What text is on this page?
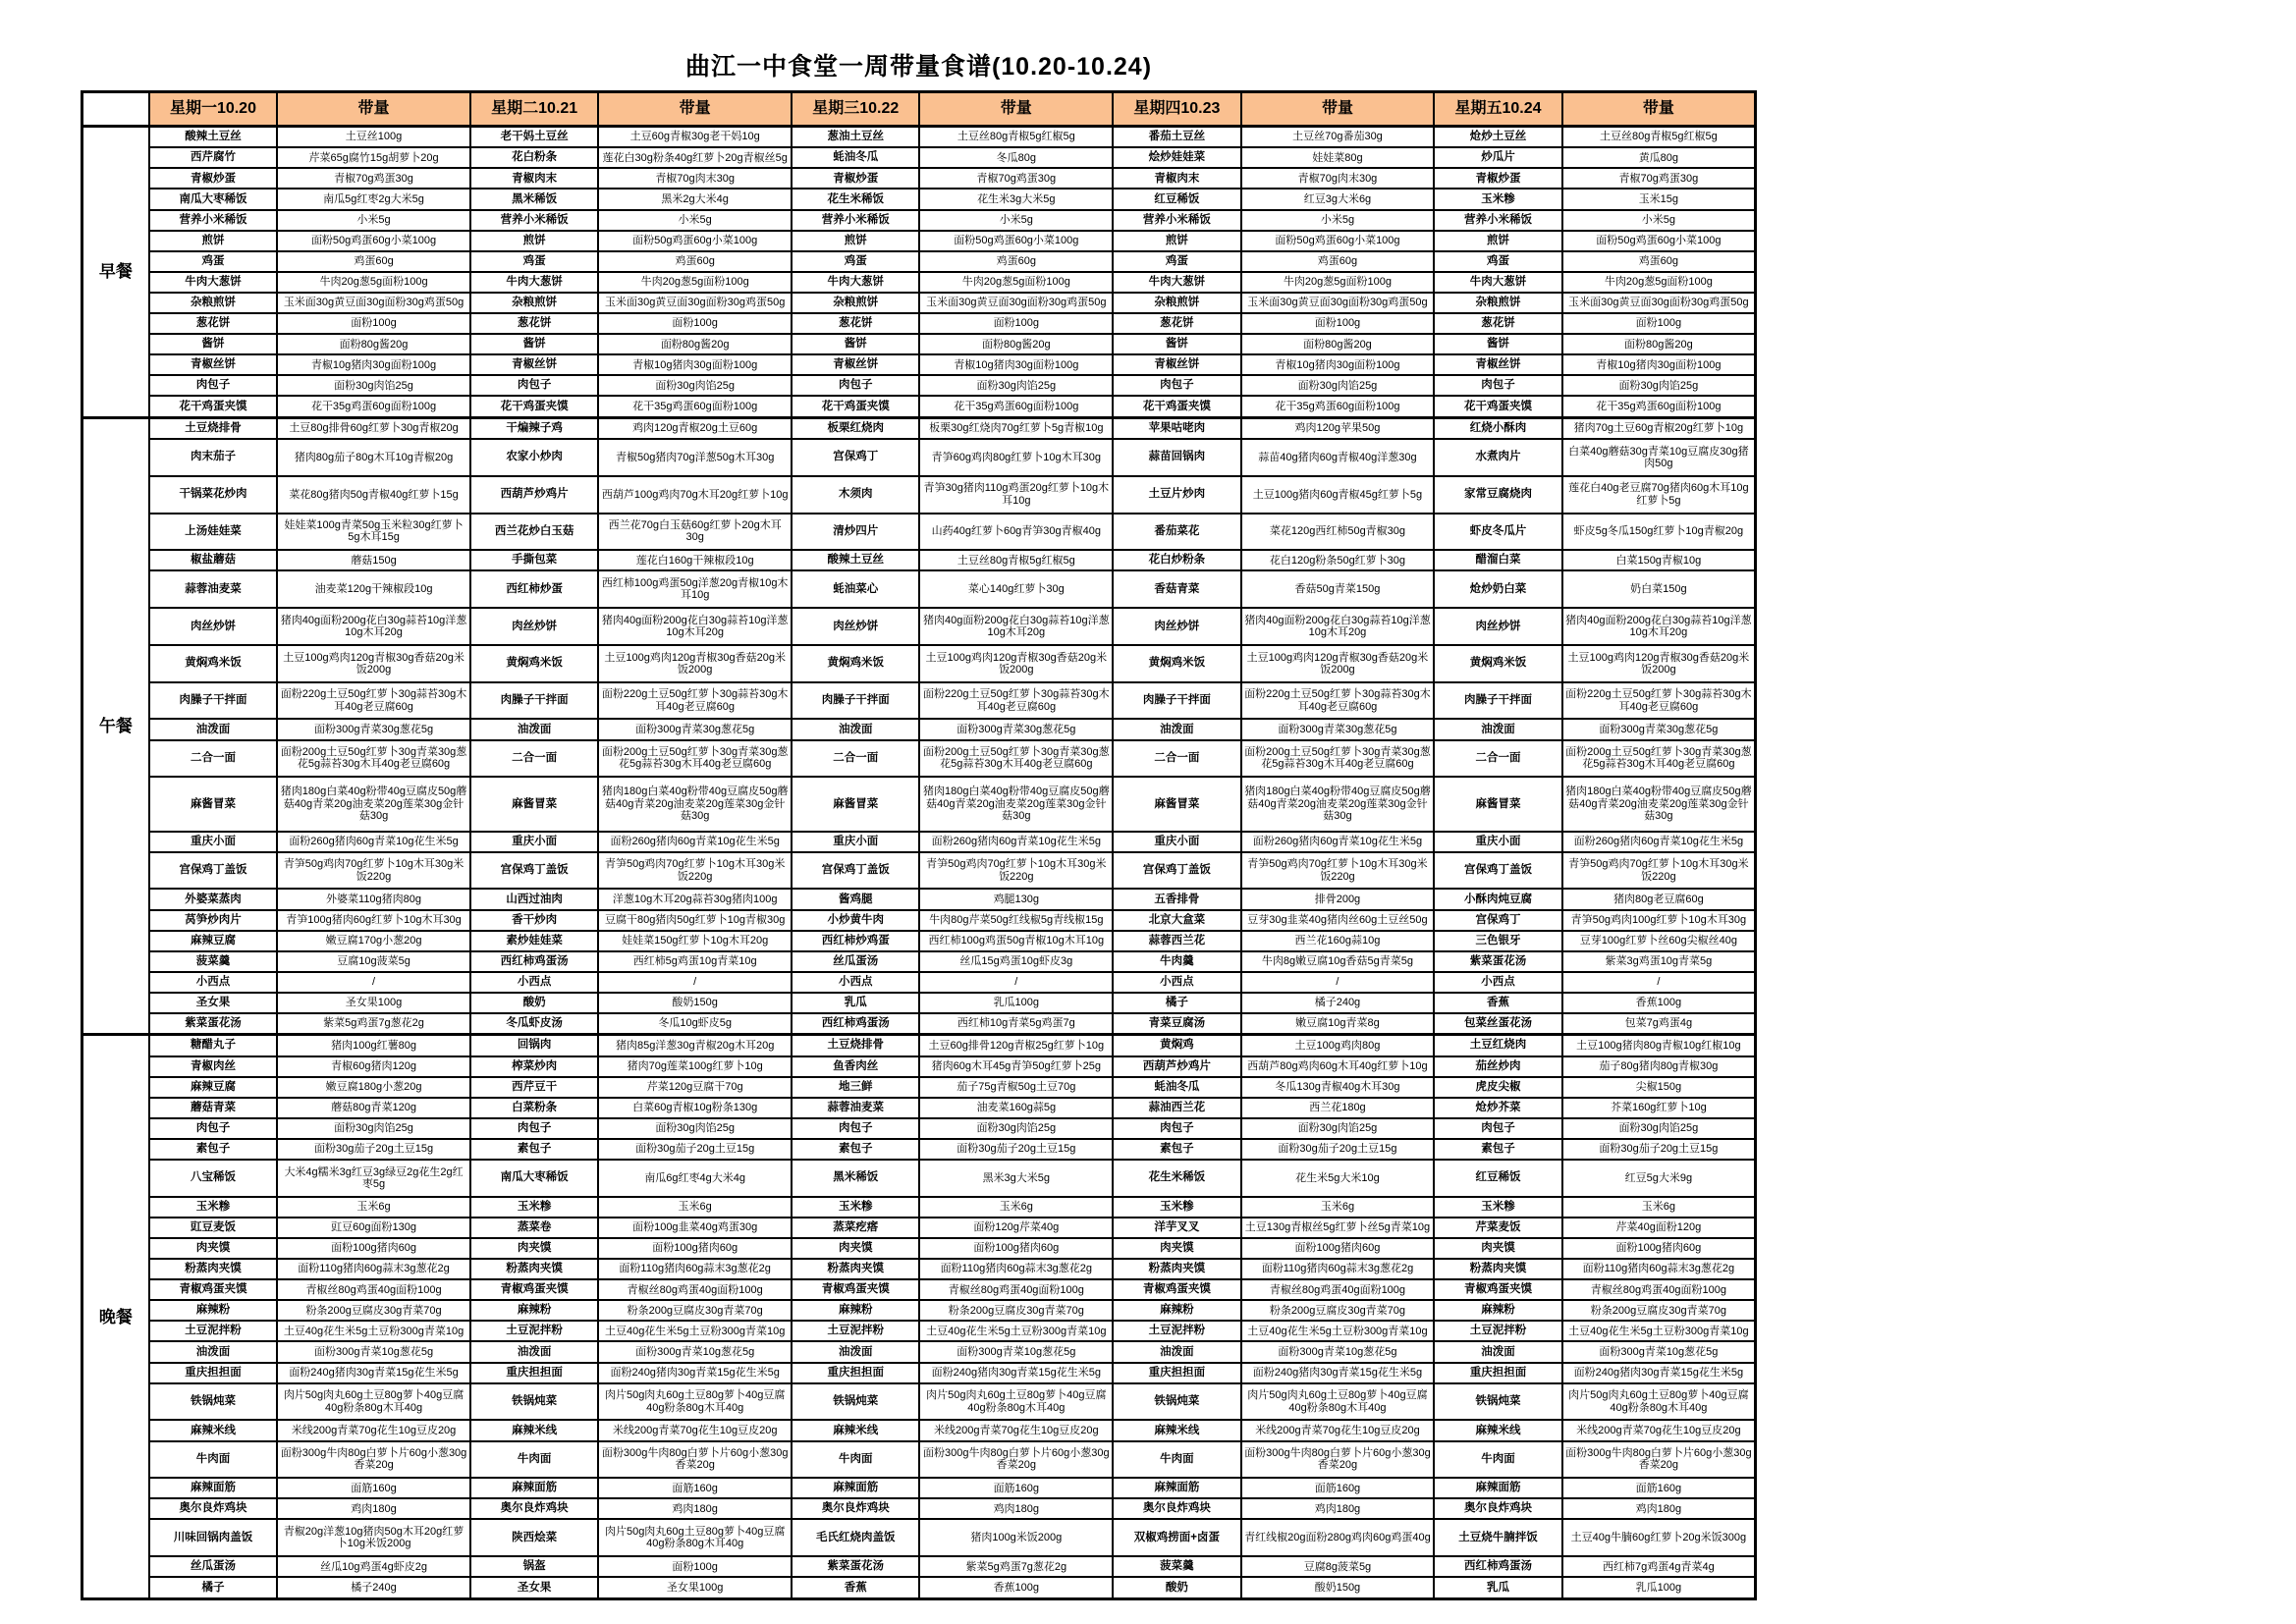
曲江一中食堂一周带量食谱(10.20-10.24)
	星期一10.20	带量	星期二10.21	带量	星期三10.22	带量	星期四10.23	带量	星期五10.24	带量
早餐	酸辣土豆丝	土豆丝100g	老干妈土豆丝	土豆60g青椒30g老干妈10g	葱油土豆丝	土豆丝80g青椒5g红椒5g	番茄土豆丝	土豆丝70g番茄30g	炝炒土豆丝	土豆丝80g青椒5g红椒5g
	西芹腐竹	芹菜65g腐竹15g胡萝卜20g	花白粉条	莲花白30g粉条40g红萝卜20g青椒丝5g	蚝油冬瓜	冬瓜80g	烩炒娃娃菜	娃娃菜80g	炒瓜片	黄瓜80g
	青椒炒蛋	青椒70g鸡蛋30g	青椒肉末	青椒70g肉末30g	青椒炒蛋	青椒70g鸡蛋30g	青椒肉末	青椒70g肉末30g	青椒炒蛋	青椒70g鸡蛋30g
	南瓜大枣稀饭	南瓜5g红枣2g大米5g	黑米稀饭	黑米2g大米4g	花生米稀饭	花生米3g大米5g	红豆稀饭	红豆3g大米6g	玉米糁	玉米15g
	营养小米稀饭	小米5g	营养小米稀饭	小米5g	营养小米稀饭	小米5g	营养小米稀饭	小米5g	营养小米稀饭	小米5g
	煎饼	面粉50g鸡蛋60g小菜100g	煎饼	面粉50g鸡蛋60g小菜100g	煎饼	面粉50g鸡蛋60g小菜100g	煎饼	面粉50g鸡蛋60g小菜100g	煎饼	面粉50g鸡蛋60g小菜100g
	鸡蛋	鸡蛋60g	鸡蛋	鸡蛋60g	鸡蛋	鸡蛋60g	鸡蛋	鸡蛋60g	鸡蛋	鸡蛋60g
	牛肉大葱饼	牛肉20g葱5g面粉100g	牛肉大葱饼	牛肉20g葱5g面粉100g	牛肉大葱饼	牛肉20g葱5g面粉100g	牛肉大葱饼	牛肉20g葱5g面粉100g	牛肉大葱饼	牛肉20g葱5g面粉100g
	杂粮煎饼	玉米面30g黄豆面30g面粉30g鸡蛋50g	杂粮煎饼	玉米面30g黄豆面30g面粉30g鸡蛋50g	杂粮煎饼	玉米面30g黄豆面30g面粉30g鸡蛋50g	杂粮煎饼	玉米面30g黄豆面30g面粉30g鸡蛋50g	杂粮煎饼	玉米面30g黄豆面30g面粉30g鸡蛋50g
	葱花饼	面粉100g	葱花饼	面粉100g	葱花饼	面粉100g	葱花饼	面粉100g	葱花饼	面粉100g
	酱饼	面粉80g酱20g	酱饼	面粉80g酱20g	酱饼	面粉80g酱20g	酱饼	面粉80g酱20g	酱饼	面粉80g酱20g
	青椒丝饼	青椒10g猪肉30g面粉100g	青椒丝饼	青椒10g猪肉30g面粉100g	青椒丝饼	青椒10g猪肉30g面粉100g	青椒丝饼	青椒10g猪肉30g面粉100g	青椒丝饼	青椒10g猪肉30g面粉100g
	肉包子	面粉30g肉馅25g	肉包子	面粉30g肉馅25g	肉包子	面粉30g肉馅25g	肉包子	面粉30g肉馅25g	肉包子	面粉30g肉馅25g
	花干鸡蛋夹馍	花干35g鸡蛋60g面粉100g	花干鸡蛋夹馍	花干35g鸡蛋60g面粉100g	花干鸡蛋夹馍	花干35g鸡蛋60g面粉100g	花干鸡蛋夹馍	花干35g鸡蛋60g面粉100g	花干鸡蛋夹馍	花干35g鸡蛋60g面粉100g
午餐	土豆烧排骨	土豆80g排骨60g红萝卜30g青椒20g	干煸辣子鸡	鸡肉120g青椒20g土豆60g	板栗红烧肉	板栗30g红烧肉70g红萝卜5g青椒10g	苹果咕咾肉	鸡肉120g苹果50g	红烧小酥肉	猪肉70g土豆60g青椒20g红萝卜10g
	肉末茄子	猪肉80g茄子80g木耳10g青椒20g	农家小炒肉	青椒50g猪肉70g洋葱50g木耳30g	宫保鸡丁	青笋60g鸡肉80g红萝卜10g木耳30g	蒜苗回锅肉	蒜苗40g猪肉60g青椒40g洋葱30g	水煮肉片	白菜40g蘑菇30g青菜10g豆腐皮30g猪肉50g
	干锅菜花炒肉	菜花80g猪肉50g青椒40g红萝卜15g	西葫芦炒鸡片	西葫芦100g鸡肉70g木耳20g红萝卜10g	木须肉	青笋30g猪肉110g鸡蛋20g红萝卜10g木耳10g	土豆片炒肉	土豆100g猪肉60g青椒45g红萝卜5g	家常豆腐烧肉	莲花白40g老豆腐70g猪肉60g木耳10g红萝卜5g
	上汤娃娃菜	娃娃菜100g青菜50g玉米粒30g红萝卜5g木耳15g	西兰花炒白玉菇	西兰花70g白玉菇60g红萝卜20g木耳30g	清炒四片	山药40g红萝卜60g青笋30g青椒40g	番茄菜花	菜花120g西红柿50g青椒30g	虾皮冬瓜片	虾皮5g冬瓜150g红萝卜10g青椒20g
	椒盐蘑菇	蘑菇150g	手撕包菜	莲花白160g干辣椒段10g	酸辣土豆丝	土豆丝80g青椒5g红椒5g	花白炒粉条	花白120g粉条50g红萝卜30g	醋溜白菜	白菜150g青椒10g
	蒜蓉油麦菜	油麦菜120g干辣椒段10g	西红柿炒蛋	西红柿100g鸡蛋50g洋葱20g青椒10g木耳10g	蚝油菜心	菜心140g红萝卜30g	香菇青菜	香菇50g青菜150g	炝炒奶白菜	奶白菜150g
	肉丝炒饼	猪肉40g面粉200g花白30g蒜苔10g洋葱10g木耳20g	肉丝炒饼	猪肉40g面粉200g花白30g蒜苔10g洋葱10g木耳20g	肉丝炒饼	猪肉40g面粉200g花白30g蒜苔10g洋葱10g木耳20g	肉丝炒饼	猪肉40g面粉200g花白30g蒜苔10g洋葱10g木耳20g	肉丝炒饼	猪肉40g面粉200g花白30g蒜苔10g洋葱10g木耳20g
	黄焖鸡米饭	土豆100g鸡肉120g青椒30g香菇20g米饭200g	黄焖鸡米饭	土豆100g鸡肉120g青椒30g香菇20g米饭200g	黄焖鸡米饭	土豆100g鸡肉120g青椒30g香菇20g米饭200g	黄焖鸡米饭	土豆100g鸡肉120g青椒30g香菇20g米饭200g	黄焖鸡米饭	土豆100g鸡肉120g青椒30g香菇20g米饭200g
	肉臊子干拌面	面粉220g土豆50g红萝卜30g蒜苔30g木耳40g老豆腐60g	肉臊子干拌面	面粉220g土豆50g红萝卜30g蒜苔30g木耳40g老豆腐60g	肉臊子干拌面	面粉220g土豆50g红萝卜30g蒜苔30g木耳40g老豆腐60g	肉臊子干拌面	面粉220g土豆50g红萝卜30g蒜苔30g木耳40g老豆腐60g	肉臊子干拌面	面粉220g土豆50g红萝卜30g蒜苔30g木耳40g老豆腐60g
	油泼面	面粉300g青菜30g葱花5g	油泼面	面粉300g青菜30g葱花5g	油泼面	面粉300g青菜30g葱花5g	油泼面	面粉300g青菜30g葱花5g	油泼面	面粉300g青菜30g葱花5g
	二合一面	面粉200g土豆50g红萝卜30g青菜30g葱花5g蒜苔30g木耳40g老豆腐60g	二合一面	面粉200g土豆50g红萝卜30g青菜30g葱花5g蒜苔30g木耳40g老豆腐60g	二合一面	面粉200g土豆50g红萝卜30g青菜30g葱花5g蒜苔30g木耳40g老豆腐60g	二合一面	面粉200g土豆50g红萝卜30g青菜30g葱花5g蒜苔30g木耳40g老豆腐60g	二合一面	面粉200g土豆50g红萝卜30g青菜30g葱花5g蒜苔30g木耳40g老豆腐60g
	麻酱冒菜	猪肉180g白菜40g粉带40g豆腐皮50g蘑菇40g青菜20g油麦菜20g莲菜30g金针菇30g	麻酱冒菜	猪肉180g白菜40g粉带40g豆腐皮50g蘑菇40g青菜20g油麦菜20g莲菜30g金针菇30g	麻酱冒菜	猪肉180g白菜40g粉带40g豆腐皮50g蘑菇40g青菜20g油麦菜20g莲菜30g金针菇30g	麻酱冒菜	猪肉180g白菜40g粉带40g豆腐皮50g蘑菇40g青菜20g油麦菜20g莲菜30g金针菇30g	麻酱冒菜	猪肉180g白菜40g粉带40g豆腐皮50g蘑菇40g青菜20g油麦菜20g莲菜30g金针菇30g
	重庆小面	面粉260g猪肉60g青菜10g花生米5g	重庆小面	面粉260g猪肉60g青菜10g花生米5g	重庆小面	面粉260g猪肉60g青菜10g花生米5g	重庆小面	面粉260g猪肉60g青菜10g花生米5g	重庆小面	面粉260g猪肉60g青菜10g花生米5g
	宫保鸡丁盖饭	青笋50g鸡肉70g红萝卜10g木耳30g米饭220g	宫保鸡丁盖饭	青笋50g鸡肉70g红萝卜10g木耳30g米饭220g	宫保鸡丁盖饭	青笋50g鸡肉70g红萝卜10g木耳30g米饭220g	宫保鸡丁盖饭	青笋50g鸡肉70g红萝卜10g木耳30g米饭220g	宫保鸡丁盖饭	青笋50g鸡肉70g红萝卜10g木耳30g米饭220g
	外婆菜蒸肉	外婆菜110g猪肉80g	山西过油肉	洋葱10g木耳20g蒜苔30g猪肉100g	酱鸡腿	鸡腿130g	五香排骨	排骨200g	小酥肉炖豆腐	猪肉80g老豆腐60g
	莴笋炒肉片	青笋100g猪肉60g红萝卜10g木耳30g	香干炒肉	豆腐干80g猪肉50g红萝卜10g青椒30g	小炒黄牛肉	牛肉80g芹菜50g红线椒5g青线椒15g	北京大盒菜	豆芽30g韭菜40g猪肉丝60g土豆丝50g	宫保鸡丁	青笋50g鸡肉100g红萝卜10g木耳30g
	麻辣豆腐	嫩豆腐170g小葱20g	素炒娃娃菜	娃娃菜150g红萝卜10g木耳20g	西红柿炒鸡蛋	西红柿100g鸡蛋50g青椒10g木耳10g	蒜蓉西兰花	西兰花160g蒜10g	三色银牙	豆芽100g红萝卜丝60g尖椒丝40g
	菠菜羹	豆腐10g菠菜5g	西红柿鸡蛋汤	西红柿5g鸡蛋10g青菜10g	丝瓜蛋汤	丝瓜15g鸡蛋10g虾皮3g	牛肉羹	牛肉8g嫩豆腐10g香菇5g青菜5g	紫菜蛋花汤	紫菜3g鸡蛋10g青菜5g
	小西点	/	小西点	/	小西点	/	小西点	/	小西点	/
	圣女果	圣女果100g	酸奶	酸奶150g	乳瓜	乳瓜100g	橘子	橘子240g	香蕉	香蕉100g
	紫菜蛋花汤	紫菜5g鸡蛋7g葱花2g	冬瓜虾皮汤	冬瓜10g虾皮5g	西红柿鸡蛋汤	西红柿10g青菜5g鸡蛋7g	青菜豆腐汤	嫩豆腐10g青菜8g	包菜丝蛋花汤	包菜7g鸡蛋4g
晚餐	糖醋丸子	猪肉100g红薯80g	回锅肉	猪肉85g洋葱30g青椒20g木耳20g	土豆烧排骨	土豆60g排骨120g青椒25g红萝卜10g	黄焖鸡	土豆100g鸡肉80g	土豆红烧肉	土豆100g猪肉80g青椒10g红椒10g
	青椒肉丝	青椒60g猪肉120g	榨菜炒肉	猪肉70g莲菜100g红萝卜10g	鱼香肉丝	猪肉60g木耳45g青笋50g红萝卜25g	西葫芦炒鸡片	西葫芦80g鸡肉60g木耳40g红萝卜10g	茄丝炒肉	茄子80g猪肉80g青椒30g
	麻辣豆腐	嫩豆腐180g小葱20g	西芹豆干	芹菜120g豆腐干70g	地三鲜	茄子75g青椒50g土豆70g	蚝油冬瓜	冬瓜130g青椒40g木耳30g	虎皮尖椒	尖椒150g
	蘑菇青菜	蘑菇80g青菜120g	白菜粉条	白菜60g青椒10g粉条130g	蒜蓉油麦菜	油麦菜160g蒜5g	蒜油西兰花	西兰花180g	炝炒芥菜	芥菜160g红萝卜10g
	肉包子	面粉30g肉馅25g	肉包子	面粉30g肉馅25g	肉包子	面粉30g肉馅25g	肉包子	面粉30g肉馅25g	肉包子	面粉30g肉馅25g
	素包子	面粉30g茄子20g土豆15g	素包子	面粉30g茄子20g土豆15g	素包子	面粉30g茄子20g土豆15g	素包子	面粉30g茄子20g土豆15g	素包子	面粉30g茄子20g土豆15g
	八宝稀饭	大米4g糯米3g红豆3g绿豆2g花生2g红枣5g	南瓜大枣稀饭	南瓜6g红枣4g大米4g	黑米稀饭	黑米3g大米5g	花生米稀饭	花生米5g大米10g	红豆稀饭	红豆5g大米9g
	玉米糁	玉米6g	玉米糁	玉米6g	玉米糁	玉米6g	玉米糁	玉米6g	玉米糁	玉米6g
	豇豆麦饭	豇豆60g面粉130g	蒸菜卷	面粉100g韭菜40g鸡蛋30g	蒸菜疙瘩	面粉120g芹菜40g	洋芋叉叉	土豆130g青椒丝5g红萝卜丝5g青菜10g	芹菜麦饭	芹菜40g面粉120g
	肉夹馍	面粉100g猪肉60g	肉夹馍	面粉100g猪肉60g	肉夹馍	面粉100g猪肉60g	肉夹馍	面粉100g猪肉60g	肉夹馍	面粉100g猪肉60g
	粉蒸肉夹馍	面粉110g猪肉60g蒜末3g葱花2g	粉蒸肉夹馍	面粉110g猪肉60g蒜末3g葱花2g	粉蒸肉夹馍	面粉110g猪肉60g蒜末3g葱花2g	粉蒸肉夹馍	面粉110g猪肉60g蒜末3g葱花2g	粉蒸肉夹馍	面粉110g猪肉60g蒜末3g葱花2g
	青椒鸡蛋夹馍	青椒丝80g鸡蛋40g面粉100g	青椒鸡蛋夹馍	青椒丝80g鸡蛋40g面粉100g	青椒鸡蛋夹馍	青椒丝80g鸡蛋40g面粉100g	青椒鸡蛋夹馍	青椒丝80g鸡蛋40g面粉100g	青椒鸡蛋夹馍	青椒丝80g鸡蛋40g面粉100g
	麻辣粉	粉条200g豆腐皮30g青菜70g	麻辣粉	粉条200g豆腐皮30g青菜70g	麻辣粉	粉条200g豆腐皮30g青菜70g	麻辣粉	粉条200g豆腐皮30g青菜70g	麻辣粉	粉条200g豆腐皮30g青菜70g
	土豆泥拌粉	土豆40g花生米5g土豆粉300g青菜10g	土豆泥拌粉	土豆40g花生米5g土豆粉300g青菜10g	土豆泥拌粉	土豆40g花生米5g土豆粉300g青菜10g	土豆泥拌粉	土豆40g花生米5g土豆粉300g青菜10g	土豆泥拌粉	土豆40g花生米5g土豆粉300g青菜10g
	油泼面	面粉300g青菜10g葱花5g	油泼面	面粉300g青菜10g葱花5g	油泼面	面粉300g青菜10g葱花5g	油泼面	面粉300g青菜10g葱花5g	油泼面	面粉300g青菜10g葱花5g
	重庆担担面	面粉240g猪肉30g青菜15g花生米5g	重庆担担面	面粉240g猪肉30g青菜15g花生米5g	重庆担担面	面粉240g猪肉30g青菜15g花生米5g	重庆担担面	面粉240g猪肉30g青菜15g花生米5g	重庆担担面	面粉240g猪肉30g青菜15g花生米5g
	铁锅炖菜	肉片50g肉丸60g土豆80g萝卜40g豆腐40g粉条80g木耳40g	铁锅炖菜	肉片50g肉丸60g土豆80g萝卜40g豆腐40g粉条80g木耳40g	铁锅炖菜	肉片50g肉丸60g土豆80g萝卜40g豆腐40g粉条80g木耳40g	铁锅炖菜	肉片50g肉丸60g土豆80g萝卜40g豆腐40g粉条80g木耳40g	铁锅炖菜	肉片50g肉丸60g土豆80g萝卜40g豆腐40g粉条80g木耳40g
	麻辣米线	米线200g青菜70g花生10g豆皮20g	麻辣米线	米线200g青菜70g花生10g豆皮20g	麻辣米线	米线200g青菜70g花生10g豆皮20g	麻辣米线	米线200g青菜70g花生10g豆皮20g	麻辣米线	米线200g青菜70g花生10g豆皮20g
	牛肉面	面粉300g牛肉80g白萝卜片60g小葱30g香菜20g	牛肉面	面粉300g牛肉80g白萝卜片60g小葱30g香菜20g	牛肉面	面粉300g牛肉80g白萝卜片60g小葱30g香菜20g	牛肉面	面粉300g牛肉80g白萝卜片60g小葱30g香菜20g	牛肉面	面粉300g牛肉80g白萝卜片60g小葱30g香菜20g
	麻辣面筋	面筋160g	麻辣面筋	面筋160g	麻辣面筋	面筋160g	麻辣面筋	面筋160g	麻辣面筋	面筋160g
	奥尔良炸鸡块	鸡肉180g	奥尔良炸鸡块	鸡肉180g	奥尔良炸鸡块	鸡肉180g	奥尔良炸鸡块	鸡肉180g	奥尔良炸鸡块	鸡肉180g
	川味回锅肉盖饭	青椒20g洋葱10g猪肉50g木耳20g红萝卜10g米饭200g	陕西烩菜	肉片50g肉丸60g土豆80g萝卜40g豆腐40g粉条80g木耳40g	毛氏红烧肉盖饭	猪肉100g米饭200g	双椒鸡捞面+卤蛋	青红线椒20g面粉280g鸡肉60g鸡蛋40g	土豆烧牛腩拌饭	土豆40g牛腩60g红萝卜20g米饭300g
	丝瓜蛋汤	丝瓜10g鸡蛋4g虾皮2g	锅盔	面粉100g	紫菜蛋花汤	紫菜5g鸡蛋7g葱花2g	菠菜羹	豆腐8g菠菜5g	西红柿鸡蛋汤	西红柿7g鸡蛋4g青菜4g
	橘子	橘子240g	圣女果	圣女果100g	香蕉	香蕉100g	酸奶	酸奶150g	乳瓜	乳瓜100g
